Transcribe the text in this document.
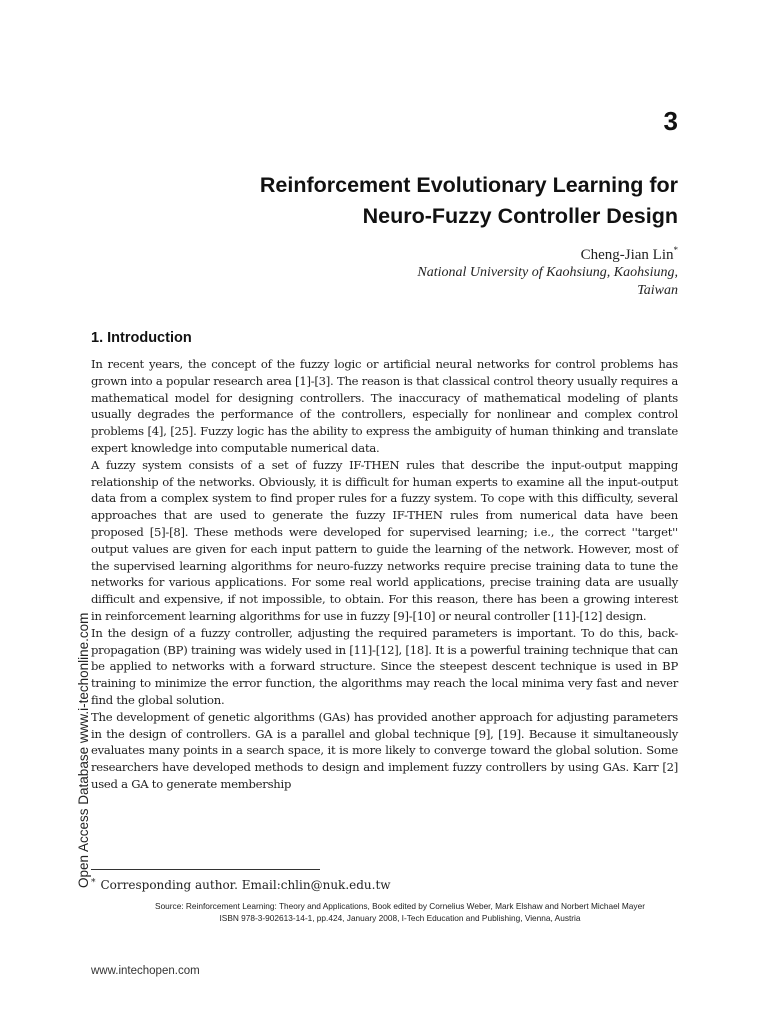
3
Reinforcement Evolutionary Learning for
Neuro-Fuzzy Controller Design
Cheng-Jian Lin*
National University of Kaohsiung, Kaohsiung,
Taiwan
1. Introduction

In recent years, the concept of the fuzzy logic or artificial neural networks for control problems has grown into a popular research area [1]-[3]. The reason is that classical control theory usually requires a mathematical model for designing controllers. The inaccuracy of mathematical modeling of plants usually degrades the performance of the controllers, especially for nonlinear and complex control problems [4], [25]. Fuzzy logic has the ability to express the ambiguity of human thinking and translate expert knowledge into computable numerical data.

A fuzzy system consists of a set of fuzzy IF-THEN rules that describe the input-output mapping relationship of the networks. Obviously, it is difficult for human experts to examine all the input-output data from a complex system to find proper rules for a fuzzy system. To cope with this difficulty, several approaches that are used to generate the fuzzy IF-THEN rules from numerical data have been proposed [5]-[8]. These methods were developed for supervised learning; i.e., the correct ''target'' output values are given for each input pattern to guide the learning of the network. However, most of the supervised learning algorithms for neuro-fuzzy networks require precise training data to tune the networks for various applications. For some real world applications, precise training data are usually difficult and expensive, if not impossible, to obtain. For this reason, there has been a growing interest in reinforcement learning algorithms for use in fuzzy [9]-[10] or neural controller [11]-[12] design.

In the design of a fuzzy controller, adjusting the required parameters is important. To do this, back-propagation (BP) training was widely used in [11]-[12], [18]. It is a powerful training technique that can be applied to networks with a forward structure. Since the steepest descent technique is used in BP training to minimize the error function, the algorithms may reach the local minima very fast and never find the global solution.

The development of genetic algorithms (GAs) has provided another approach for adjusting parameters in the design of controllers. GA is a parallel and global technique [9], [19]. Because it simultaneously evaluates many points in a search space, it is more likely to converge toward the global solution. Some researchers have developed methods to design and implement fuzzy controllers by using GAs. Karr [2] used a GA to generate membership

Open Access Database www.i-techonline.com * Corresponding author. Email:chlin@nuk.edu.tw
Source: Reinforcement Learning: Theory and Applications, Book edited by Cornelius Weber, Mark Elshaw and Norbert Michael Mayer
ISBN 978-3-902613-14-1, pp.424, January 2008, I-Tech Education and Publishing, Vienna, Austria
www.intechopen.com
